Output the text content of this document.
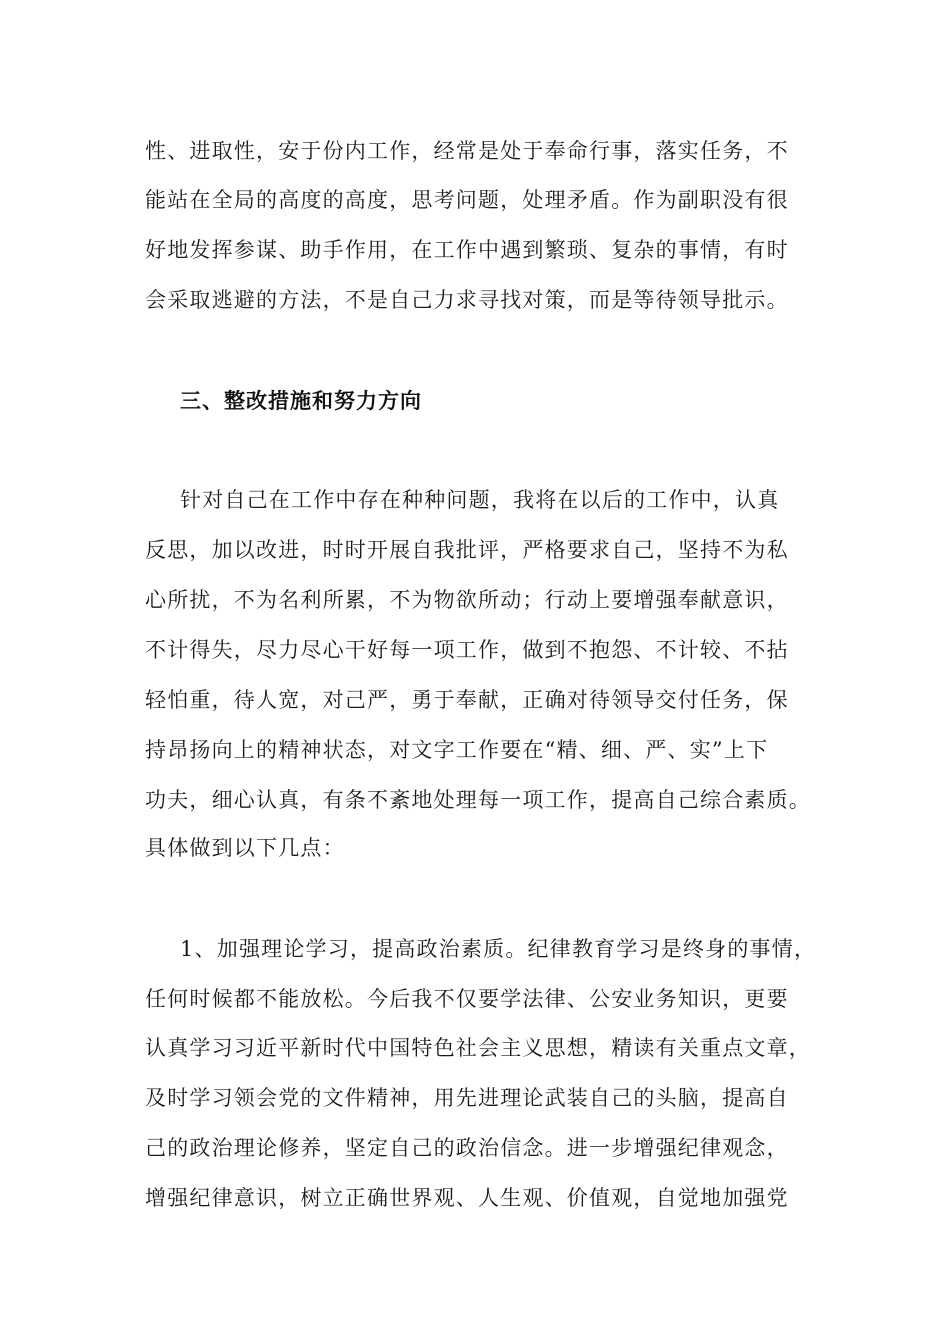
性、进取性，安于份内工作，经常是处于奉命行事，落实任务，不
能站在全局的高度的高度，思考问题，处理矛盾。作为副职没有很
好地发挥参谋、助手作用，在工作中遇到繁琐、复杂的事情，有时
会采取逃避的方法，不是自己力求寻找对策，而是等待领导批示。
三、整改措施和努力方向
针对自己在工作中存在种种问题，我将在以后的工作中，认真
反思，加以改进，时时开展自我批评，严格要求自己，坚持不为私
心所扰，不为名利所累，不为物欲所动；行动上要增强奉献意识，
不计得失，尽力尽心干好每一项工作，做到不抱怨、不计较、不拈
轻怕重，待人宽，对己严，勇于奉献，正确对待领导交付任务，保
持昂扬向上的精神状态，对文字工作要在“精、细、严、实”上下
功夫，细心认真，有条不紊地处理每一项工作，提高自己综合素质。
具体做到以下几点：
1、加强理论学习，提高政治素质。纪律教育学习是终身的事情，
任何时候都不能放松。今后我不仅要学法律、公安业务知识，更要
认真学习习近平新时代中国特色社会主义思想，精读有关重点文章，
及时学习领会党的文件精神，用先进理论武装自己的头脑，提高自
己的政治理论修养，坚定自己的政治信念。进一步增强纪律观念，
增强纪律意识，树立正确世界观、人生观、价值观，自觉地加强党
